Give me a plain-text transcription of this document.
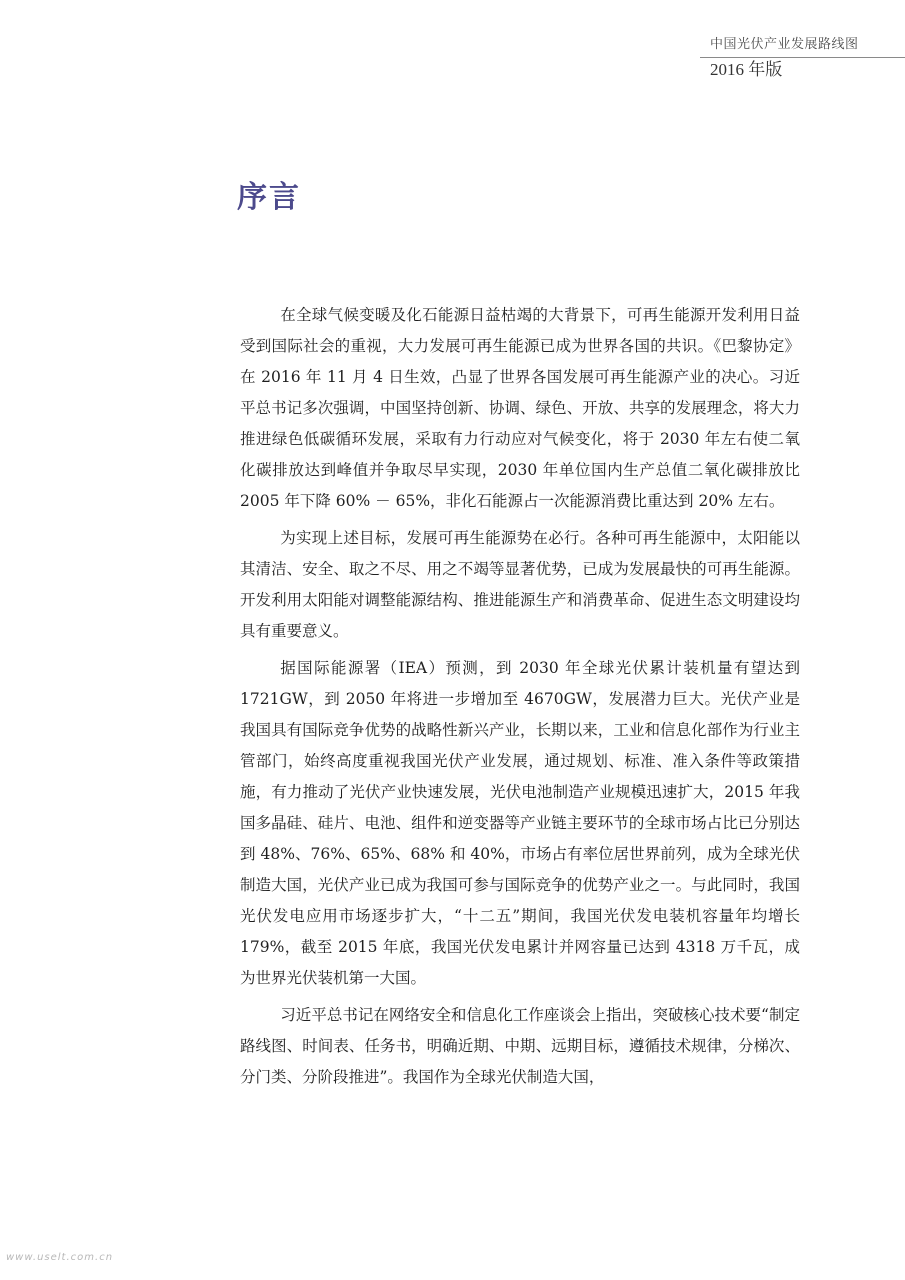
中国光伏产业发展路线图
2016 年版
序言

在全球气候变暖及化石能源日益枯竭的大背景下，可再生能源开发利用日益受到国际社会的重视，大力发展可再生能源已成为世界各国的共识。《巴黎协定》在 2016 年 11 月 4 日生效，凸显了世界各国发展可再生能源产业的决心。习近平总书记多次强调，中国坚持创新、协调、绿色、开放、共享的发展理念，将大力推进绿色低碳循环发展，采取有力行动应对气候变化，将于 2030 年左右使二氧化碳排放达到峰值并争取尽早实现，2030 年单位国内生产总值二氧化碳排放比 2005 年下降 60% － 65%，非化石能源占一次能源消费比重达到 20% 左右。

为实现上述目标，发展可再生能源势在必行。各种可再生能源中，太阳能以其清洁、安全、取之不尽、用之不竭等显著优势，已成为发展最快的可再生能源。开发利用太阳能对调整能源结构、推进能源生产和消费革命、促进生态文明建设均具有重要意义。

据国际能源署（IEA）预测，到 2030 年全球光伏累计装机量有望达到 1721GW，到 2050 年将进一步增加至 4670GW，发展潜力巨大。光伏产业是我国具有国际竞争优势的战略性新兴产业，长期以来，工业和信息化部作为行业主管部门，始终高度重视我国光伏产业发展，通过规划、标准、准入条件等政策措施，有力推动了光伏产业快速发展，光伏电池制造产业规模迅速扩大，2015 年我国多晶硅、硅片、电池、组件和逆变器等产业链主要环节的全球市场占比已分别达到 48%、76%、65%、68% 和 40%，市场占有率位居世界前列，成为全球光伏制造大国，光伏产业已成为我国可参与国际竞争的优势产业之一。与此同时，我国光伏发电应用市场逐步扩大，“十二五”期间，我国光伏发电装机容量年均增长 179%，截至 2015 年底，我国光伏发电累计并网容量已达到 4318 万千瓦，成为世界光伏装机第一大国。

习近平总书记在网络安全和信息化工作座谈会上指出，突破核心技术要“制定路线图、时间表、任务书，明确近期、中期、远期目标，遵循技术规律，分梯次、分门类、分阶段推进”。我国作为全球光伏制造大国，

www.uselt.com.cn
